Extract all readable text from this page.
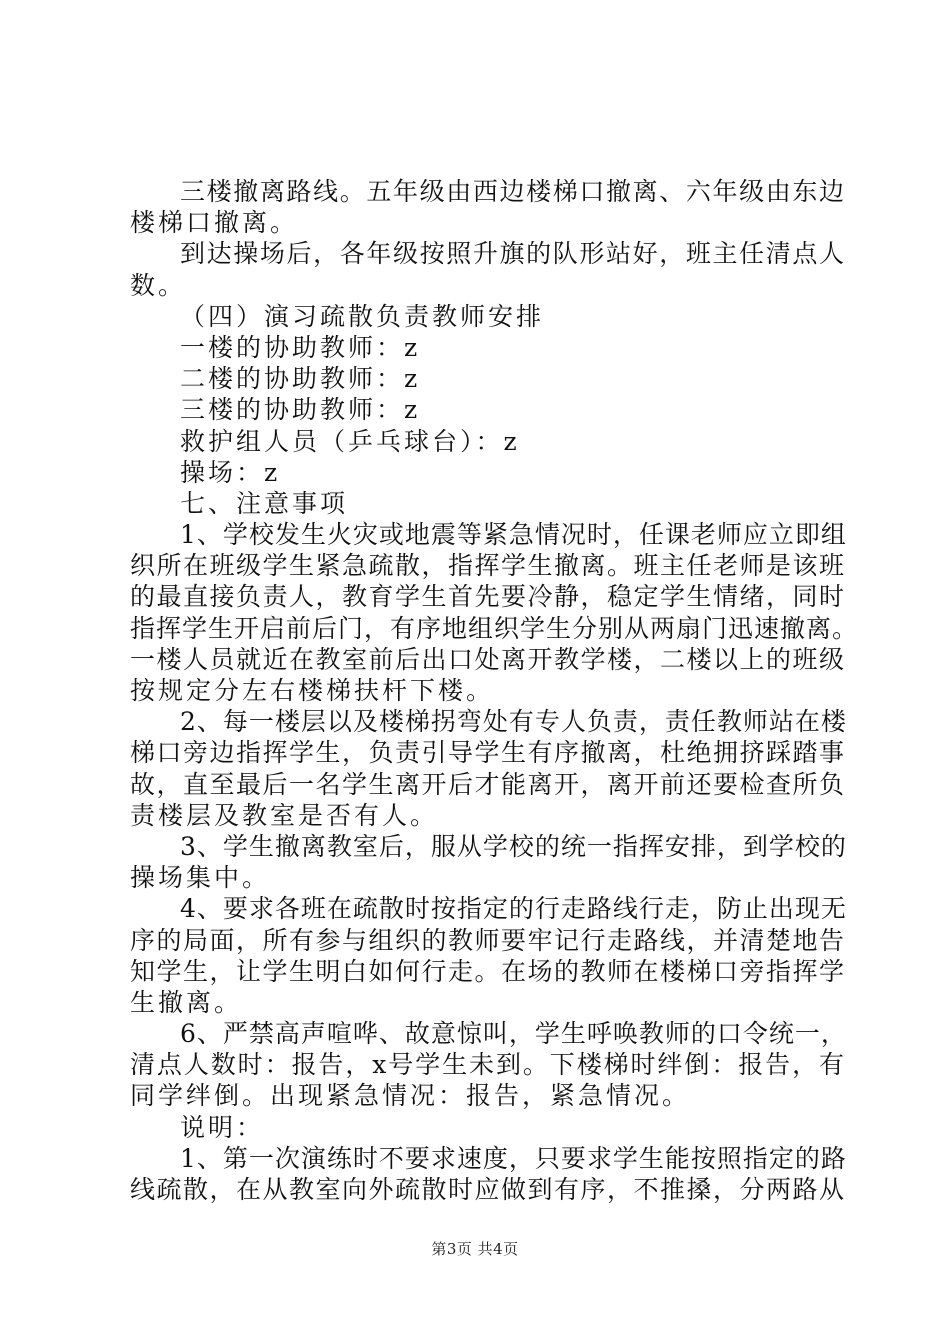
三楼撤离路线。五年级由西边楼梯口撤离、六年级由东边
楼梯口撤离。
到达操场后，各年级按照升旗的队形站好，班主任清点人
数。
（四）演习疏散负责教师安排
一楼的协助教师：z
二楼的协助教师：z
三楼的协助教师：z
救护组人员（乒乓球台）：z
操场：z
七、注意事项
1、学校发生火灾或地震等紧急情况时，任课老师应立即组
织所在班级学生紧急疏散，指挥学生撤离。班主任老师是该班
的最直接负责人，教育学生首先要冷静，稳定学生情绪，同时
指挥学生开启前后门，有序地组织学生分别从两扇门迅速撤离。
一楼人员就近在教室前后出口处离开教学楼，二楼以上的班级
按规定分左右楼梯扶杆下楼。
2、每一楼层以及楼梯拐弯处有专人负责，责任教师站在楼
梯口旁边指挥学生，负责引导学生有序撤离，杜绝拥挤踩踏事
故，直至最后一名学生离开后才能离开，离开前还要检查所负
责楼层及教室是否有人。
3、学生撤离教室后，服从学校的统一指挥安排，到学校的
操场集中。
4、要求各班在疏散时按指定的行走路线行走，防止出现无
序的局面，所有参与组织的教师要牢记行走路线，并清楚地告
知学生，让学生明白如何行走。在场的教师在楼梯口旁指挥学
生撤离。
6、严禁高声喧哗、故意惊叫，学生呼唤教师的口令统一，
清点人数时：报告，x号学生未到。下楼梯时绊倒：报告，有
同学绊倒。出现紧急情况：报告，紧急情况。
说明：
1、第一次演练时不要求速度，只要求学生能按照指定的路
线疏散，在从教室向外疏散时应做到有序，不推搡，分两路从
第3页 共4页
